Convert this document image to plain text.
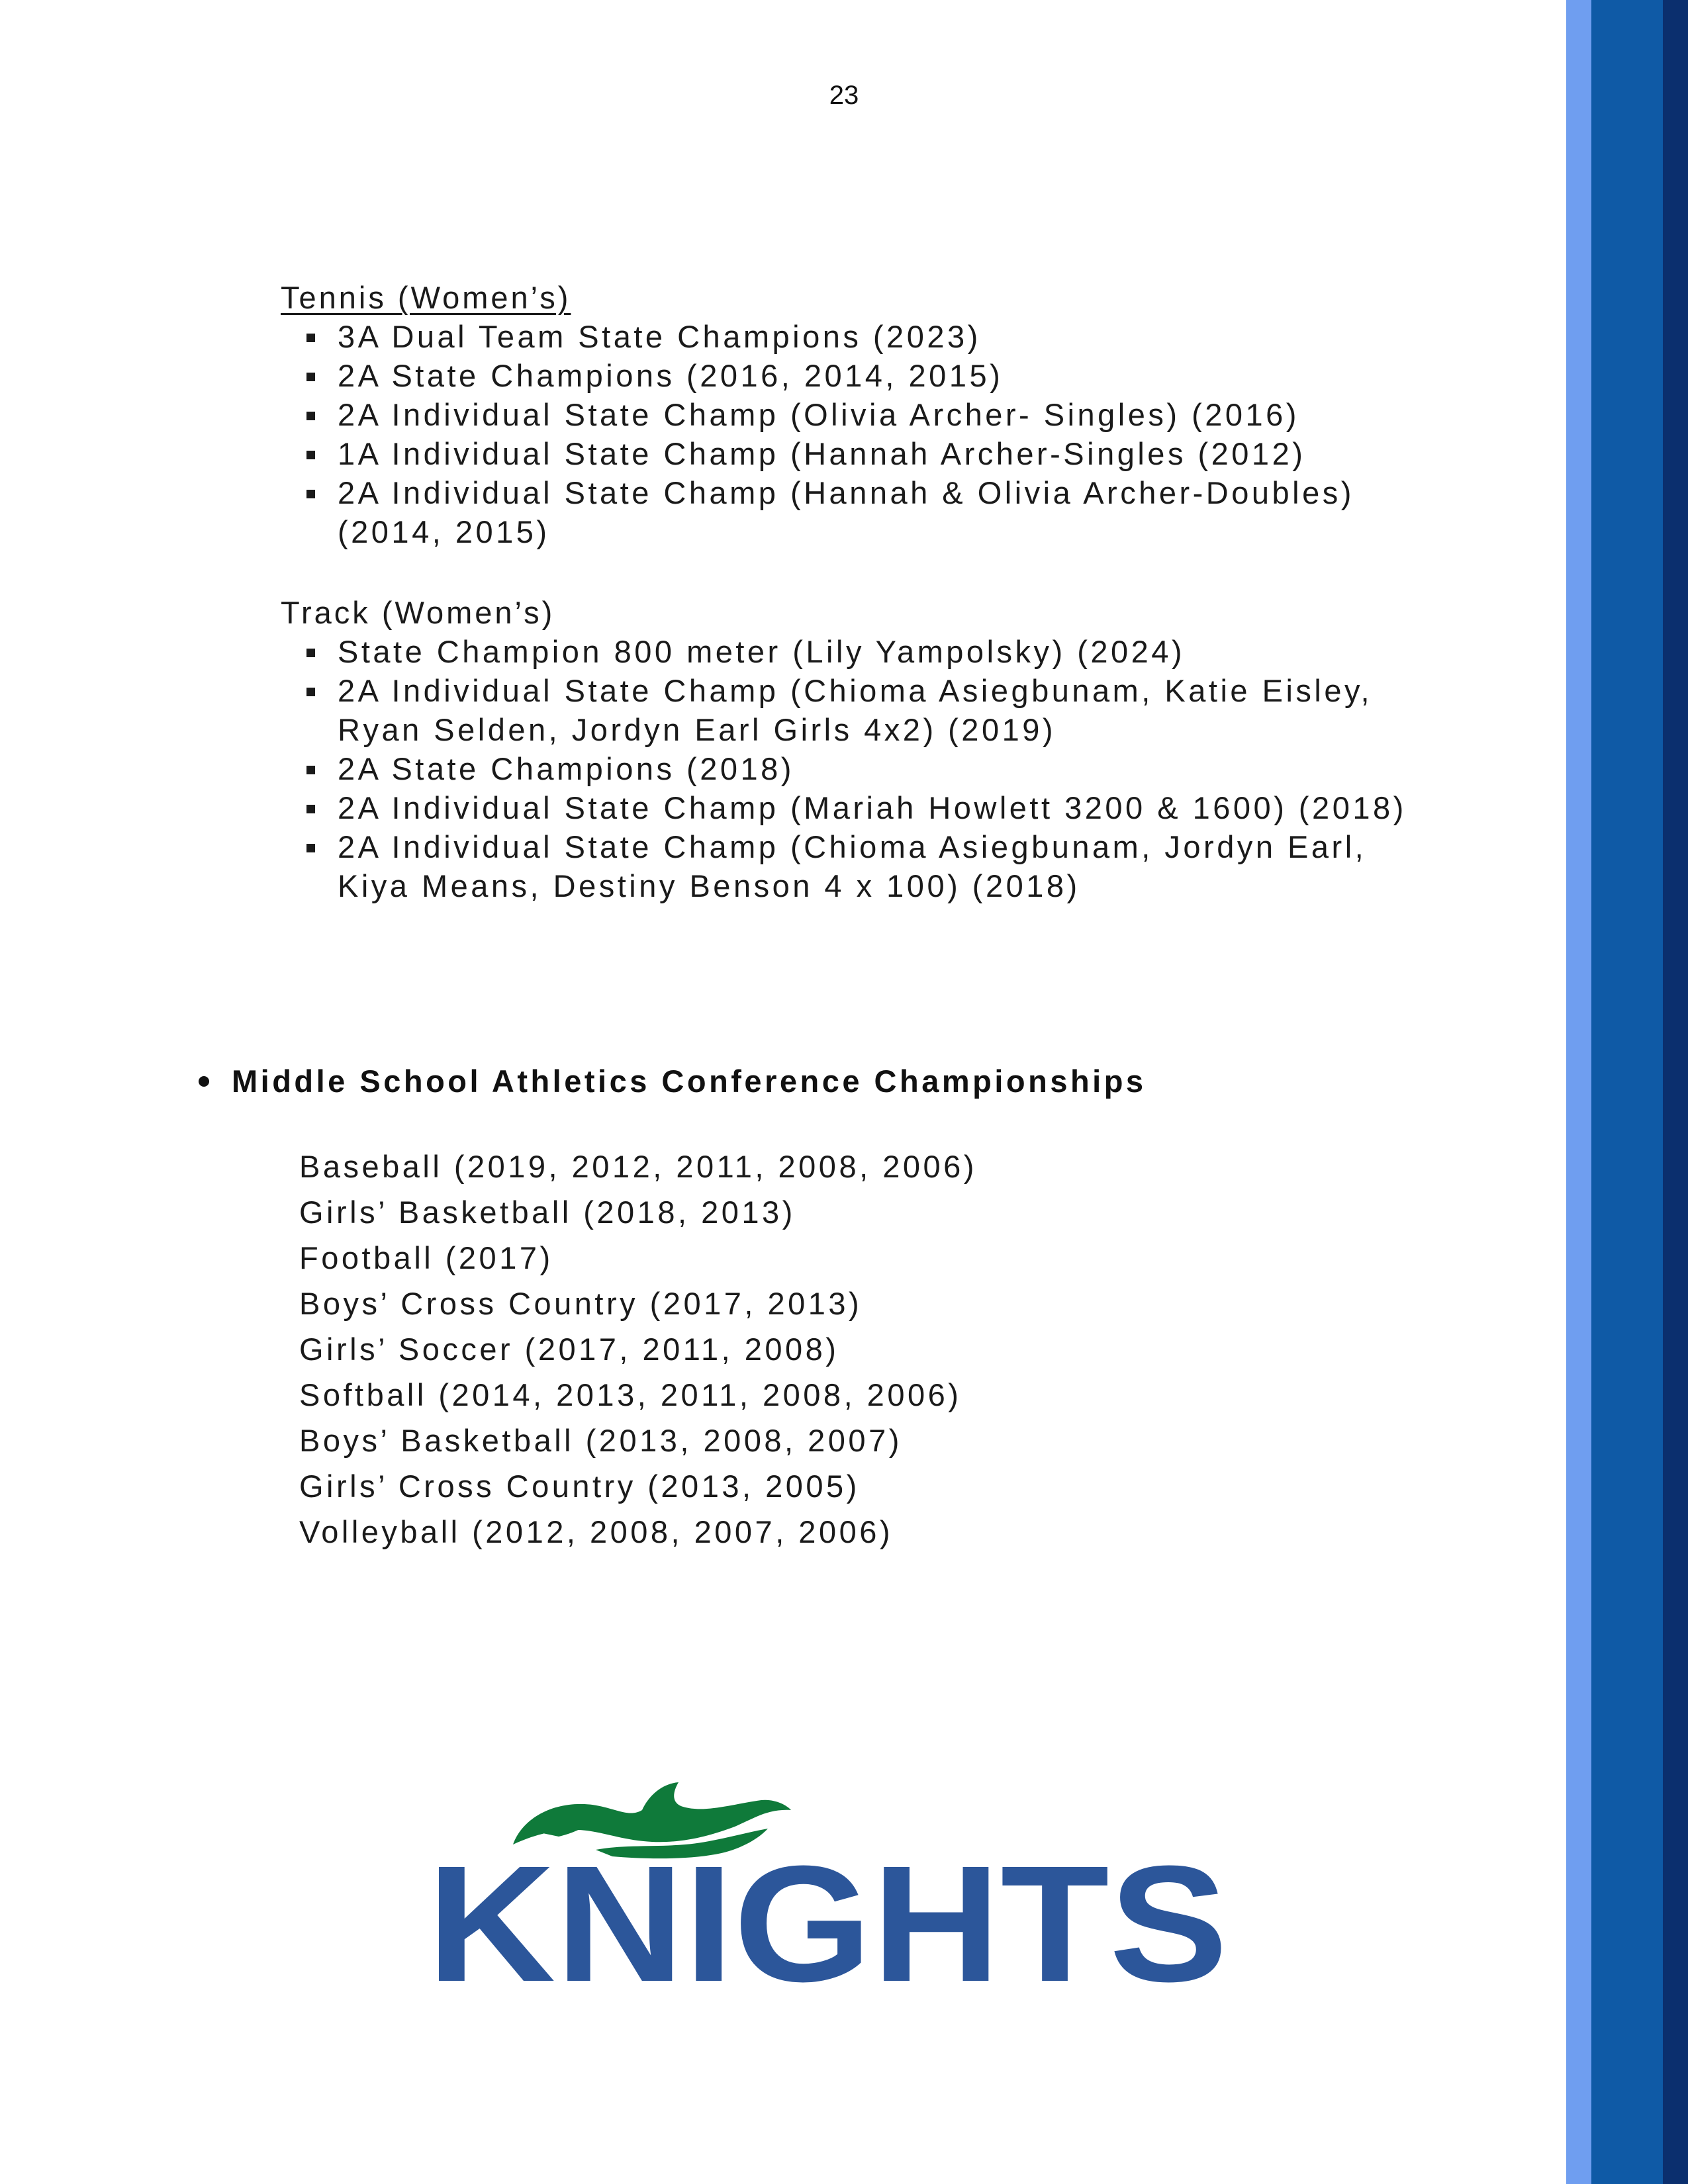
23
Tennis (Women’s)
3A Dual Team State Champions (2023)
2A State Champions (2016, 2014, 2015)
2A Individual State Champ (Olivia Archer- Singles) (2016)
1A Individual State Champ (Hannah Archer-Singles (2012)
2A Individual State Champ (Hannah & Olivia Archer-Doubles) (2014, 2015)
Track (Women’s)
State Champion 800 meter (Lily Yampolsky) (2024)
2A Individual State Champ (Chioma Asiegbunam, Katie Eisley, Ryan Selden, Jordyn Earl Girls 4x2) (2019)
2A State Champions (2018)
2A Individual State Champ (Mariah Howlett 3200 & 1600) (2018)
2A Individual State Champ (Chioma Asiegbunam, Jordyn Earl, Kiya Means, Destiny Benson 4 x 100) (2018)
Middle School Athletics Conference Championships
Baseball (2019, 2012, 2011, 2008, 2006)
Girls’ Basketball (2018, 2013)
Football (2017)
Boys’ Cross Country (2017, 2013)
Girls’ Soccer (2017, 2011, 2008)
Softball (2014, 2013, 2011, 2008, 2006)
Boys’ Basketball (2013, 2008, 2007)
Girls’ Cross Country (2013, 2005)
Volleyball (2012, 2008, 2007, 2006)
KNIGHTS
